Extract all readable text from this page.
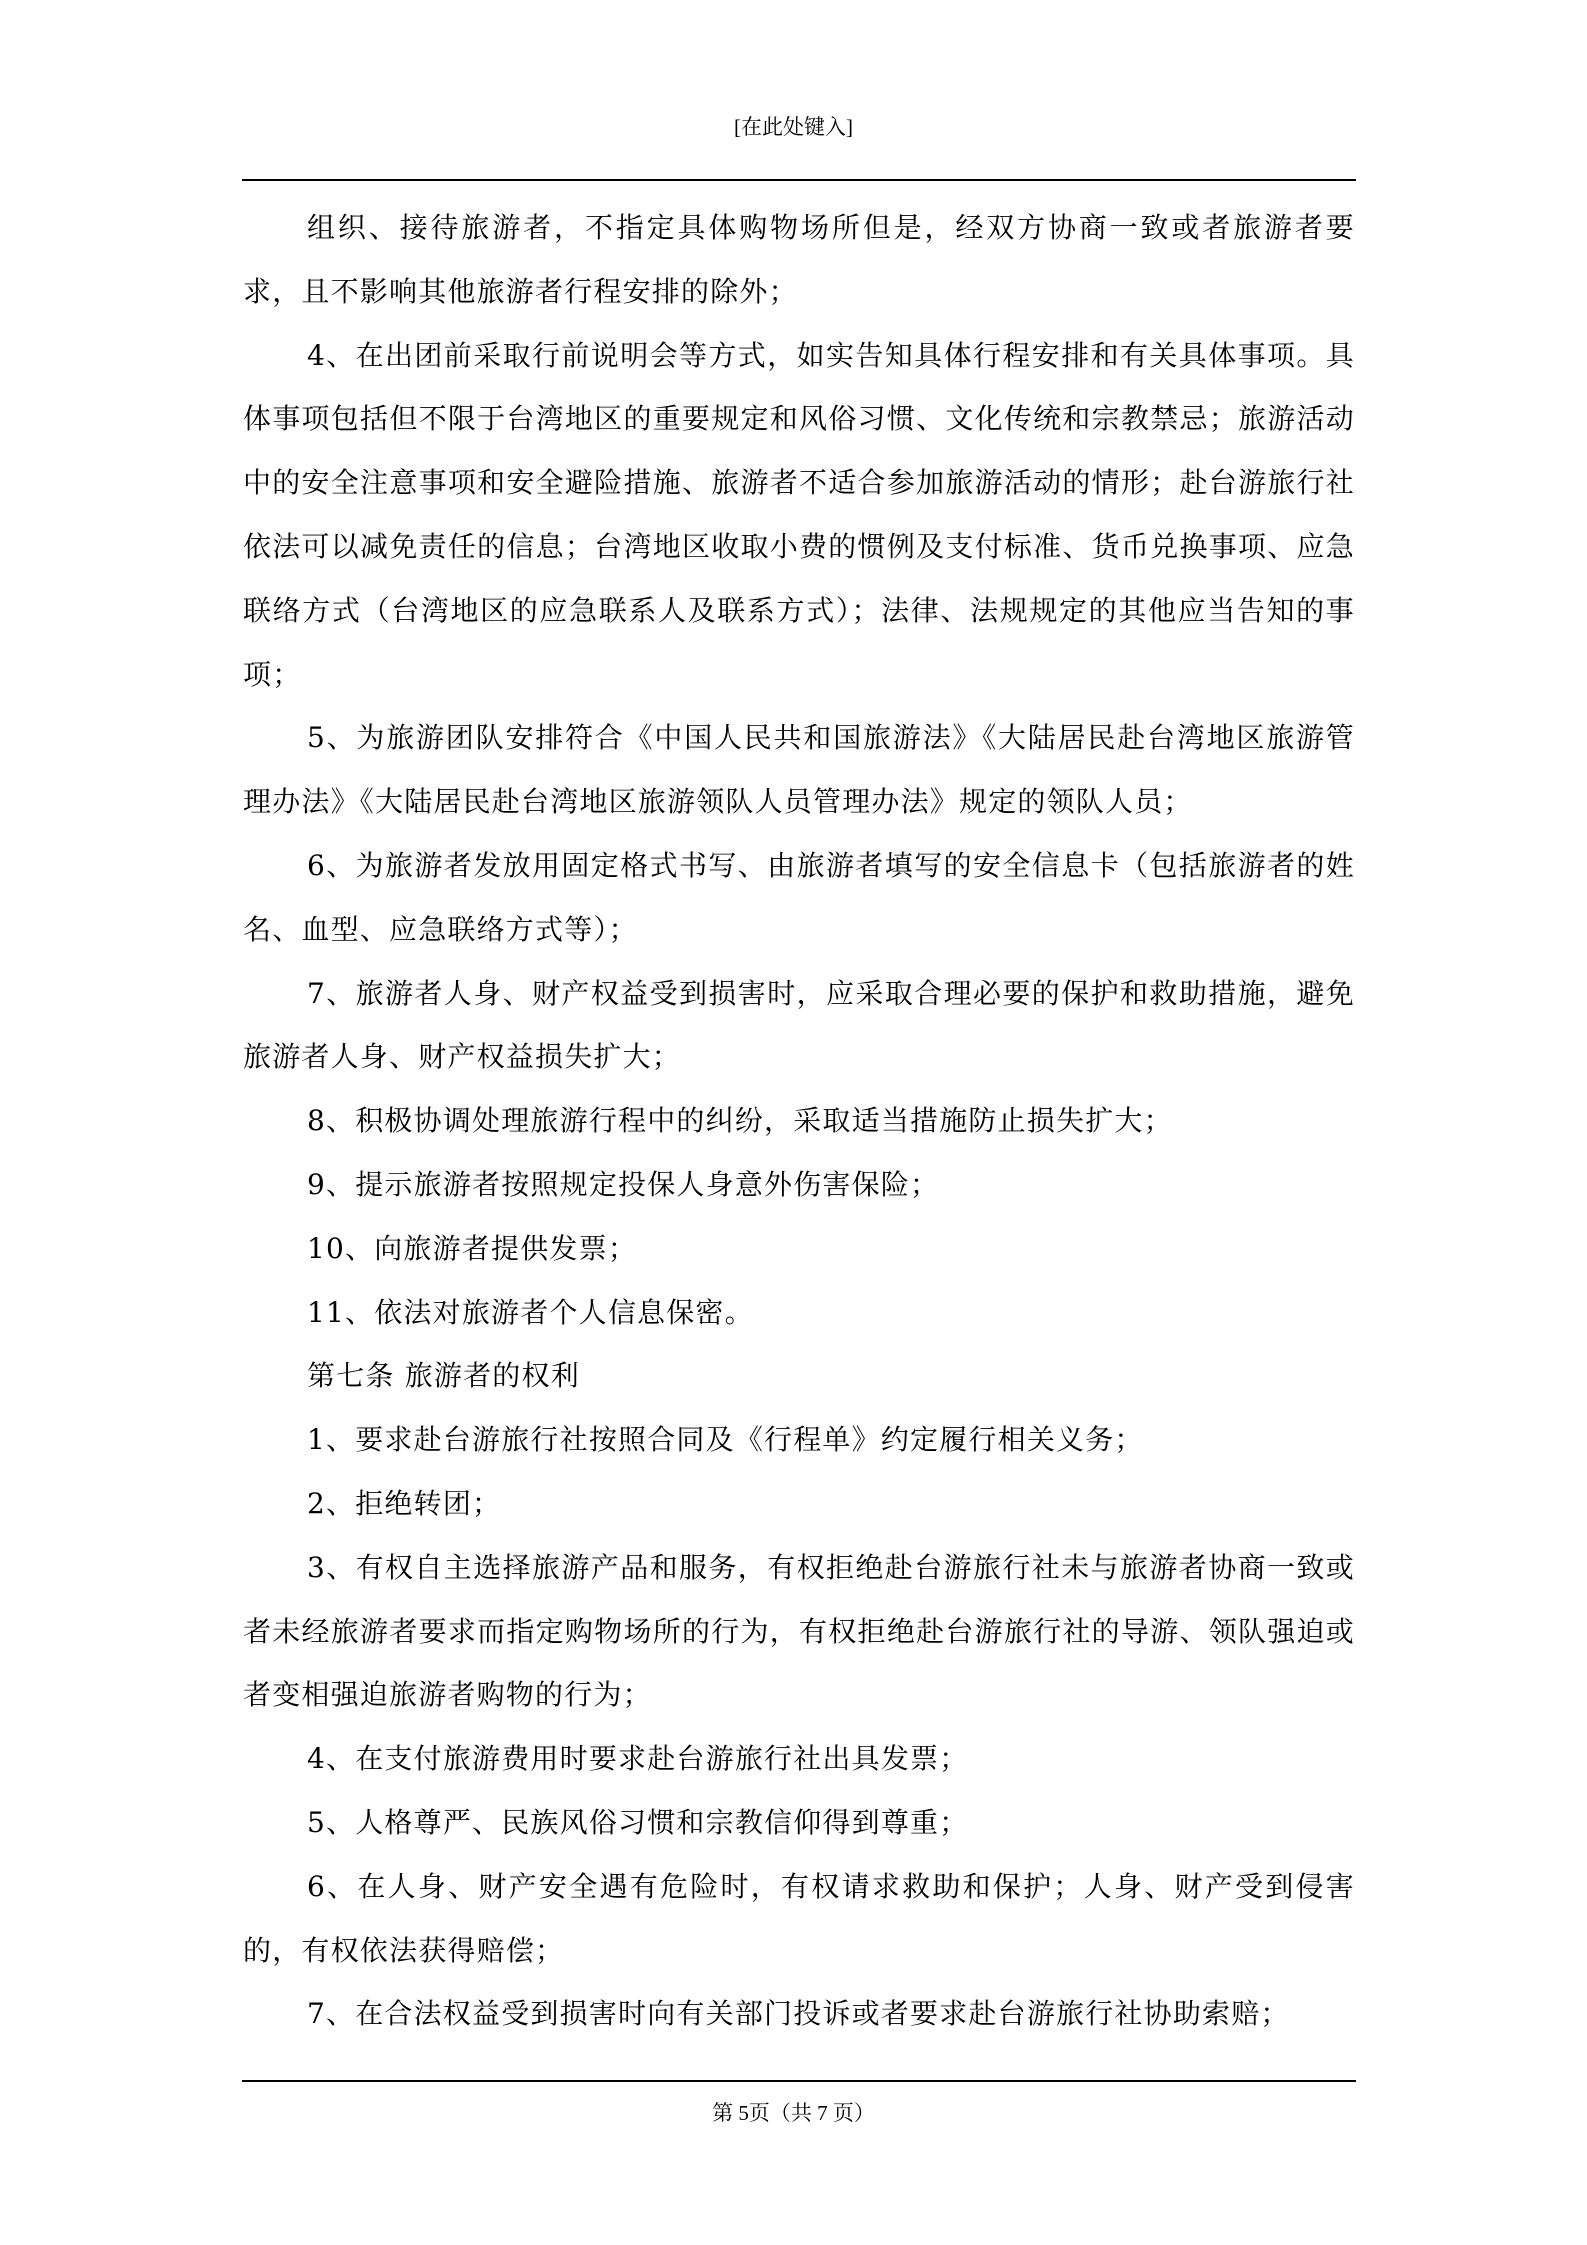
[在此处键入]

组织、接待旅游者，不指定具体购物场所但是，经双方协商一致或者旅游者要求，且不影响其他旅游者行程安排的除外；

4、在出团前采取行前说明会等方式，如实告知具体行程安排和有关具体事项。具体事项包括但不限于台湾地区的重要规定和风俗习惯、文化传统和宗教禁忌；旅游活动中的安全注意事项和安全避险措施、旅游者不适合参加旅游活动的情形；赴台游旅行社依法可以减免责任的信息；台湾地区收取小费的惯例及支付标准、货币兑换事项、应急联络方式（台湾地区的应急联系人及联系方式）；法律、法规规定的其他应当告知的事项；

5、为旅游团队安排符合《中国人民共和国旅游法》《大陆居民赴台湾地区旅游管理办法》《大陆居民赴台湾地区旅游领队人员管理办法》规定的领队人员；

6、为旅游者发放用固定格式书写、由旅游者填写的安全信息卡（包括旅游者的姓名、血型、应急联络方式等）；

7、旅游者人身、财产权益受到损害时，应采取合理必要的保护和救助措施，避免旅游者人身、财产权益损失扩大；

8、积极协调处理旅游行程中的纠纷，采取适当措施防止损失扩大；

9、提示旅游者按照规定投保人身意外伤害保险；

10、向旅游者提供发票；

11、依法对旅游者个人信息保密。

第七条 旅游者的权利

1、要求赴台游旅行社按照合同及《行程单》约定履行相关义务；

2、拒绝转团；

3、有权自主选择旅游产品和服务，有权拒绝赴台游旅行社未与旅游者协商一致或者未经旅游者要求而指定购物场所的行为，有权拒绝赴台游旅行社的导游、领队强迫或者变相强迫旅游者购物的行为；

4、在支付旅游费用时要求赴台游旅行社出具发票；

5、人格尊严、民族风俗习惯和宗教信仰得到尊重；

6、在人身、财产安全遇有危险时，有权请求救助和保护；人身、财产受到侵害的，有权依法获得赔偿；

7、在合法权益受到损害时向有关部门投诉或者要求赴台游旅行社协助索赔；

第 5页（共 7 页）
